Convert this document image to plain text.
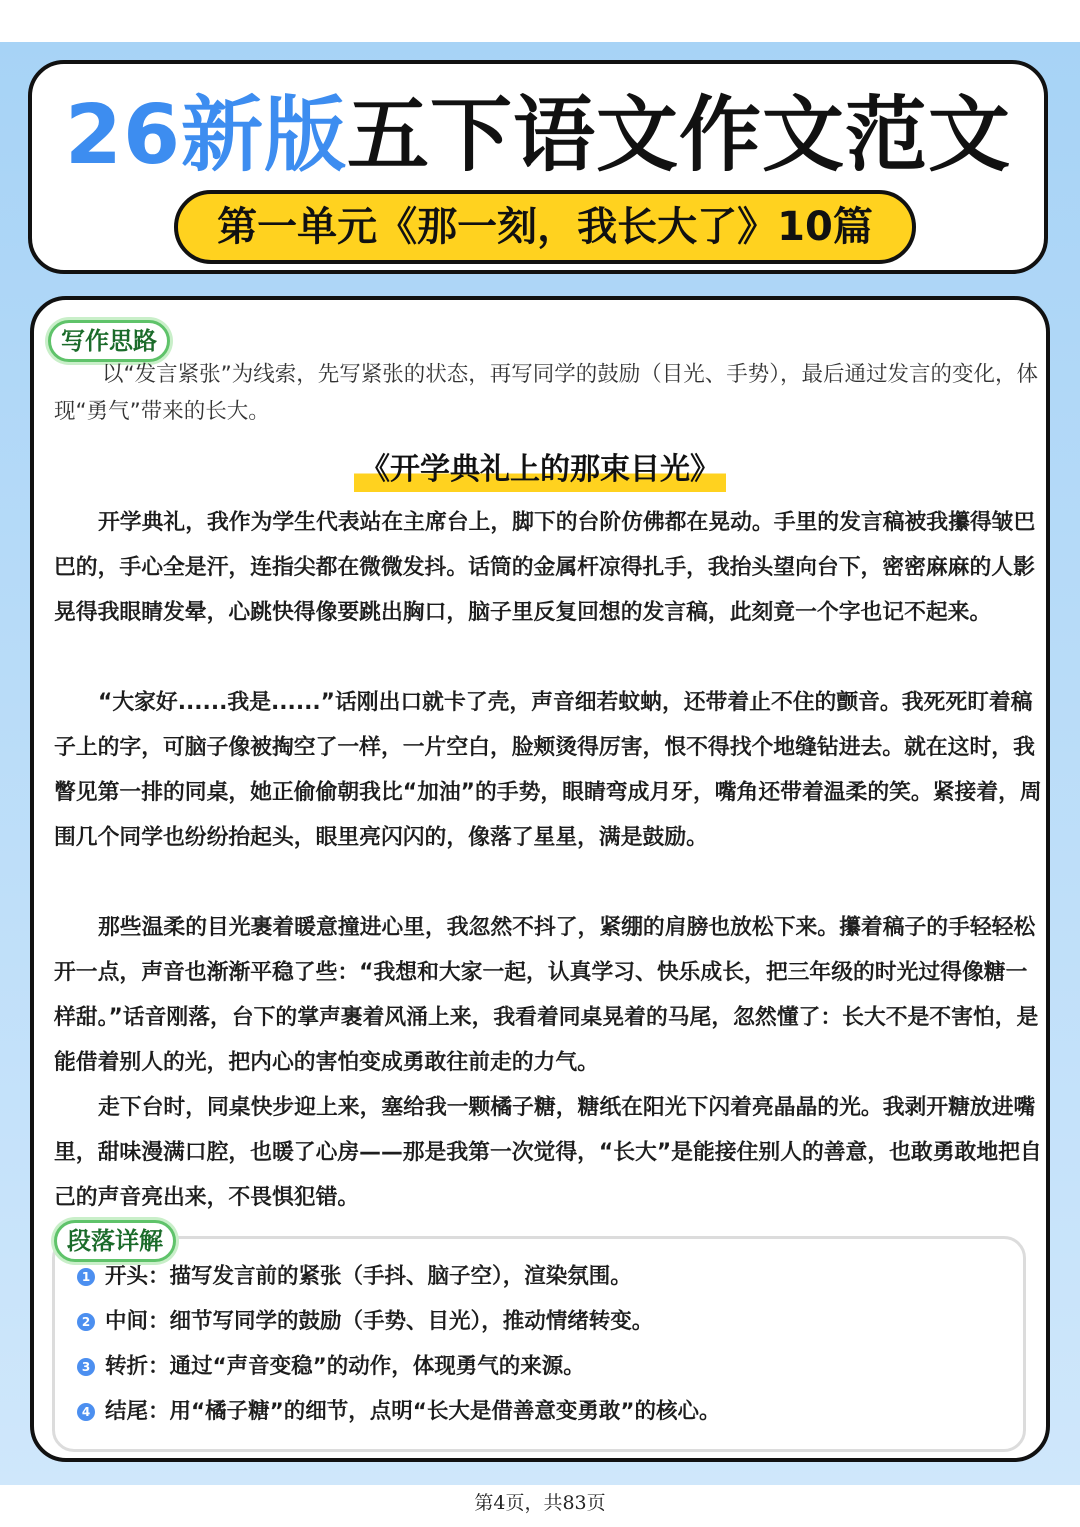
26新版五下语文作文范文
第一单元《那一刻，我长大了》10篇
写作思路

以“发言紧张”为线索，先写紧张的状态，再写同学的鼓励（目光、手势），最后通过发言的变化，体现“勇气”带来的长大。

《开学典礼上的那束目光》

开学典礼，我作为学生代表站在主席台上，脚下的台阶仿佛都在晃动。手里的发言稿被我攥得皱巴巴的，手心全是汗，连指尖都在微微发抖。话筒的金属杆凉得扎手，我抬头望向台下，密密麻麻的人影晃得我眼睛发晕，心跳快得像要跳出胸口，脑子里反复回想的发言稿，此刻竟一个字也记不起来。

“大家好......我是......”话刚出口就卡了壳，声音细若蚊蚋，还带着止不住的颤音。我死死盯着稿子上的字，可脑子像被掏空了一样，一片空白，脸颊烫得厉害，恨不得找个地缝钻进去。就在这时，我瞥见第一排的同桌，她正偷偷朝我比“加油”的手势，眼睛弯成月牙，嘴角还带着温柔的笑。紧接着，周围几个同学也纷纷抬起头，眼里亮闪闪的，像落了星星，满是鼓励。

那些温柔的目光裹着暖意撞进心里，我忽然不抖了，紧绷的肩膀也放松下来。攥着稿子的手轻轻松开一点，声音也渐渐平稳了些：“我想和大家一起，认真学习、快乐成长，把三年级的时光过得像糖一样甜。”话音刚落，台下的掌声裹着风涌上来，我看着同桌晃着的马尾，忽然懂了：长大不是不害怕，是能借着别人的光，把内心的害怕变成勇敢往前走的力气。

走下台时，同桌快步迎上来，塞给我一颗橘子糖，糖纸在阳光下闪着亮晶晶的光。我剥开糖放进嘴里，甜味漫满口腔，也暖了心房——那是我第一次觉得，“长大”是能接住别人的善意，也敢勇敢地把自己的声音亮出来，不畏惧犯错。

1 开头：描写发言前的紧张（手抖、脑子空），渲染氛围。
2 中间：细节写同学的鼓励（手势、目光），推动情绪转变。
3 转折：通过“声音变稳”的动作，体现勇气的来源。
4 结尾：用“橘子糖”的细节，点明“长大是借善意变勇敢”的核心。
段落详解
第4页，共83页
